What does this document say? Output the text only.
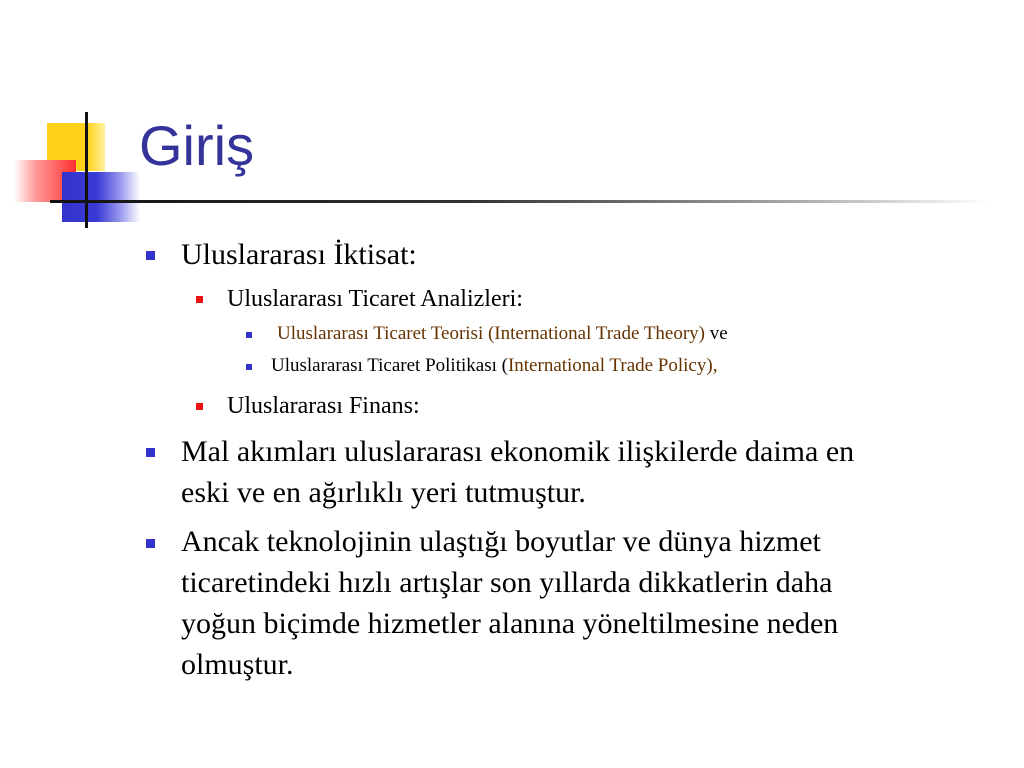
Giriş
Uluslararası İktisat:
Uluslararası Ticaret Analizleri:
Uluslararası Ticaret Teorisi (International Trade Theory) ve
Uluslararası Ticaret Politikası (International Trade Policy),
Uluslararası Finans:
Mal akımları uluslararası ekonomik ilişkilerde daima en
eski ve en ağırlıklı yeri tutmuştur.
Ancak teknolojinin ulaştığı boyutlar ve dünya hizmet
ticaretindeki hızlı artışlar son yıllarda dikkatlerin daha
yoğun biçimde hizmetler alanına yöneltilmesine neden
olmuştur.
